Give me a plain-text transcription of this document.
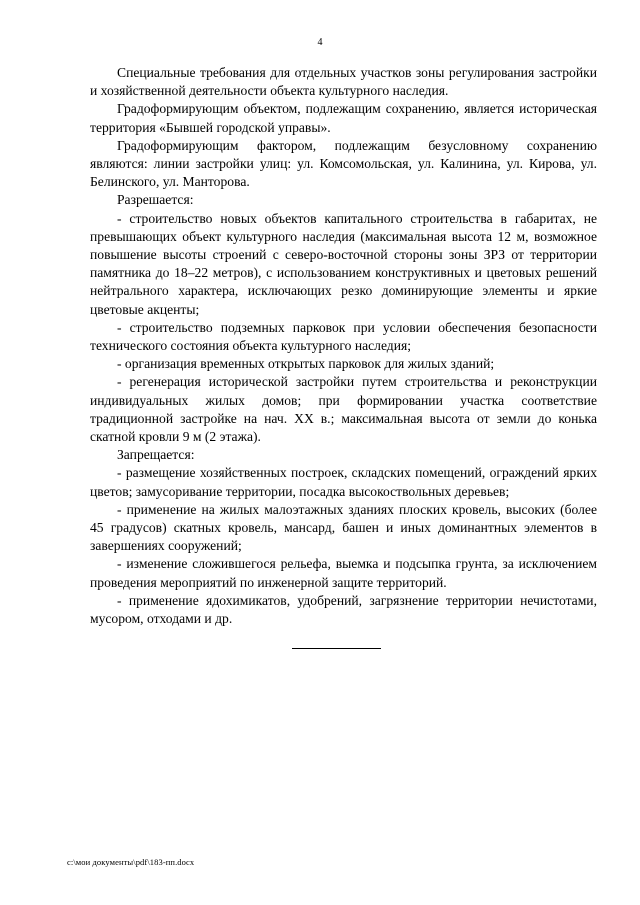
4

Специальные требования для отдельных участков зоны регулирования застройки и хозяйственной деятельности объекта культурного наследия.

Градоформирующим объектом, подлежащим сохранению, является историческая территория «Бывшей городской управы».

Градоформирующим фактором, подлежащим безусловному сохранению являются: линии застройки улиц: ул. Комсомольская, ул. Калинина, ул. Кирова, ул. Белинского, ул. Манторова.

Разрешается:

- строительство новых объектов капитального строительства в габаритах, не превышающих объект культурного наследия (максимальная высота 12 м, возможное повышение высоты строений с северо-восточной стороны зоны ЗРЗ от территории памятника до 18–22 метров), с использованием конструктивных и цветовых решений нейтрального характера, исключающих резко доминирующие элементы и яркие цветовые акценты;

- строительство подземных парковок при условии обеспечения безопасности технического состояния объекта культурного наследия;

- организация временных открытых парковок для жилых зданий;

- регенерация исторической застройки путем строительства и реконструкции индивидуальных жилых домов; при формировании участка соответствие традиционной застройке на нач. XX в.; максимальная высота от земли до конька скатной кровли 9 м (2 этажа).

Запрещается:

- размещение хозяйственных построек, складских помещений, ограждений ярких цветов; замусоривание территории, посадка высокоствольных деревьев;

- применение на жилых малоэтажных зданиях плоских кровель, высоких (более 45 градусов) скатных кровель, мансард, башен и иных доминантных элементов в завершениях сооружений;

- изменение сложившегося рельефа, выемка и подсыпка грунта, за исключением проведения мероприятий по инженерной защите территорий.

- применение ядохимикатов, удобрений, загрязнение территории нечистотами, мусором, отходами и др.

c:\мои документы\pdf\183-пп.docx
